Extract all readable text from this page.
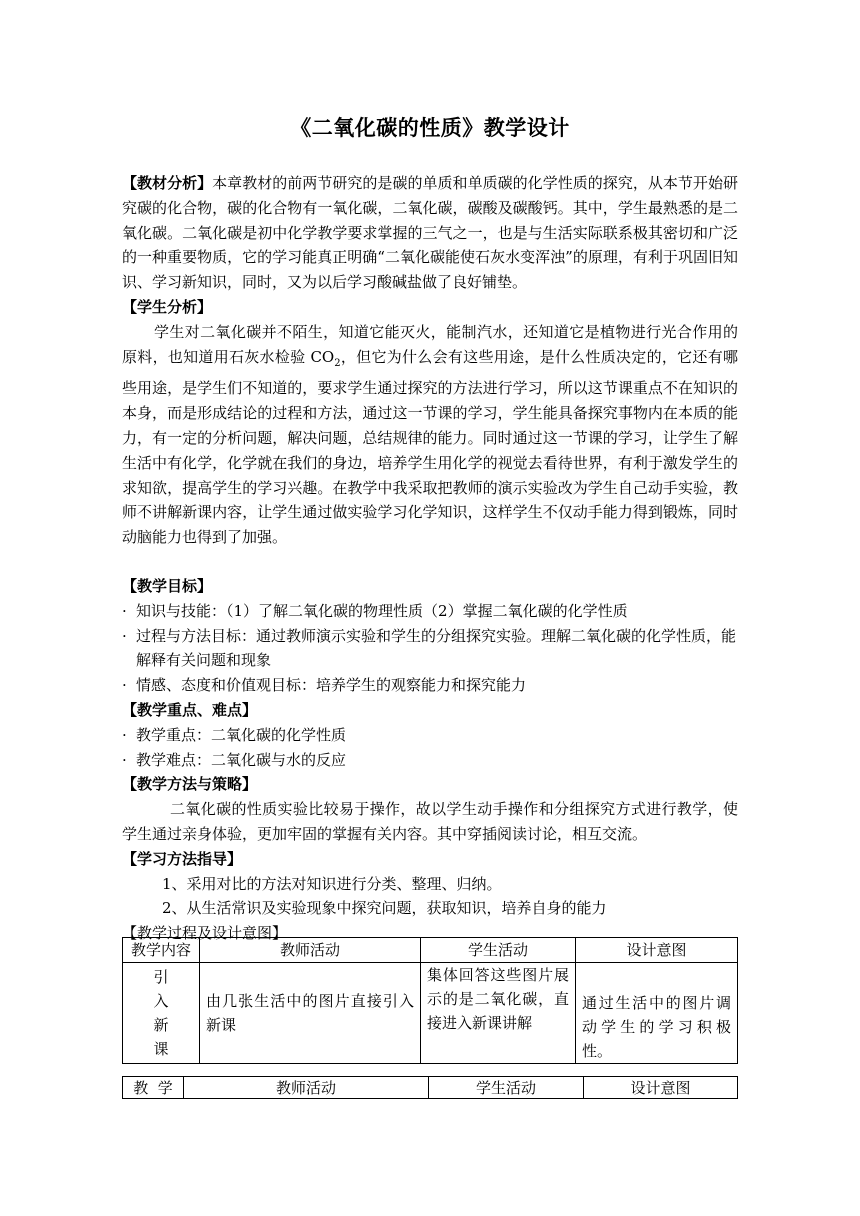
《二氧化碳的性质》教学设计

【教材分析】本章教材的前两节研究的是碳的单质和单质碳的化学性质的探究，从本节开始研究碳的化合物，碳的化合物有一氧化碳，二氧化碳，碳酸及碳酸钙。其中，学生最熟悉的是二氧化碳。二氧化碳是初中化学教学要求掌握的三气之一，也是与生活实际联系极其密切和广泛的一种重要物质，它的学习能真正明确“二氧化碳能使石灰水变浑浊”的原理，有利于巩固旧知识、学习新知识，同时，又为以后学习酸碱盐做了良好铺垫。

【学生分析】

学生对二氧化碳并不陌生，知道它能灭火，能制汽水，还知道它是植物进行光合作用的原料，也知道用石灰水检验 $CO_2$，但它为什么会有这些用途，是什么性质决定的，它还有哪些用途，是学生们不知道的，要求学生通过探究的方法进行学习，所以这节课重点不在知识的本身，而是形成结论的过程和方法，通过这一节课的学习，学生能具备探究事物内在本质的能力，有一定的分析问题，解决问题，总结规律的能力。同时通过这一节课的学习，让学生了解生活中有化学，化学就在我们的身边，培养学生用化学的视觉去看待世界，有利于激发学生的求知欲，提高学生的学习兴趣。在教学中我采取把教师的演示实验改为学生自己动手实验，教师不讲解新课内容，让学生通过做实验学习化学知识，这样学生不仅动手能力得到锻炼，同时动脑能力也得到了加强。

【教学目标】

· 知识与技能：（1）了解二氧化碳的物理性质（2）掌握二氧化碳的化学性质

· 过程与方法目标：通过教师演示实验和学生的分组探究实验。理解二氧化碳的化学性质，能解释有关问题和现象

· 情感、态度和价值观目标：培养学生的观察能力和探究能力

【教学重点、难点】

· 教学重点：二氧化碳的化学性质

· 教学难点：二氧化碳与水的反应

【教学方法与策略】

二氧化碳的性质实验比较易于操作，故以学生动手操作和分组探究方式进行教学，使学生通过亲身体验，更加牢固的掌握有关内容。其中穿插阅读讨论，相互交流。

【学习方法指导】

1、采用对比的方法对知识进行分类、整理、归纳。

2、从生活常识及实验现象中探究问题，获取知识，培养自身的能力

【教学过程及设计意图】

教学内容	教师活动	学生活动	设计意图

引
入
新
课	由几张生活中的图片直接引入新课	集体回答这些图片展示的是二氧化碳，直接进入新课讲解	通过生活中的图片调动学生的学习积极性。
教  学	教师活动	学生活动	设计意图
